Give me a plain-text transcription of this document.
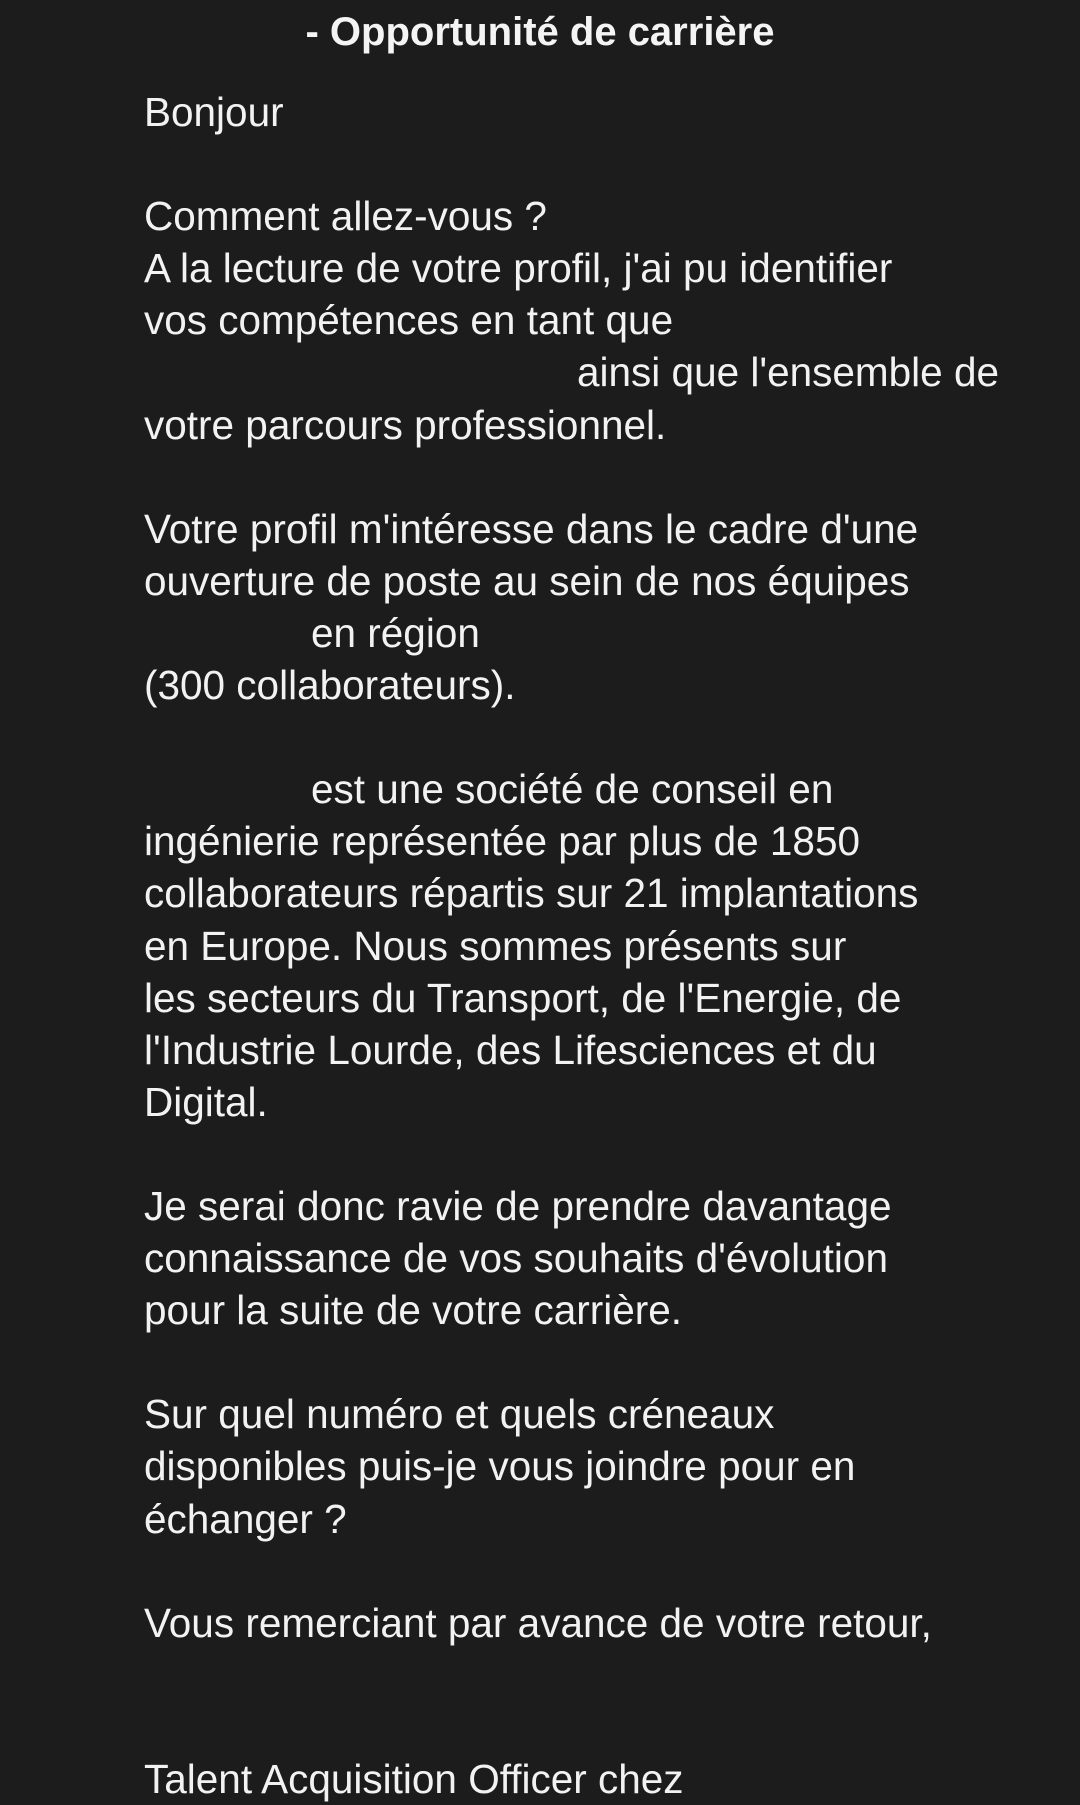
- Opportunité de carrière
Bonjour
Comment allez-vous ?
A la lecture de votre profil, j'ai pu identifier
vos compétences en tant que
ainsi que l'ensemble de
votre parcours professionnel.
Votre profil m'intéresse dans le cadre d'une
ouverture de poste au sein de nos équipes
en région
(300 collaborateurs).
est une société de conseil en
ingénierie représentée par plus de 1850
collaborateurs répartis sur 21 implantations
en Europe. Nous sommes présents sur
les secteurs du Transport, de l'Energie, de
l'Industrie Lourde, des Lifesciences et du
Digital.
Je serai donc ravie de prendre davantage
connaissance de vos souhaits d'évolution
pour la suite de votre carrière.
Sur quel numéro et quels créneaux
disponibles puis-je vous joindre pour en
échanger ?
Vous remerciant par avance de votre retour,
Talent Acquisition Officer chez
